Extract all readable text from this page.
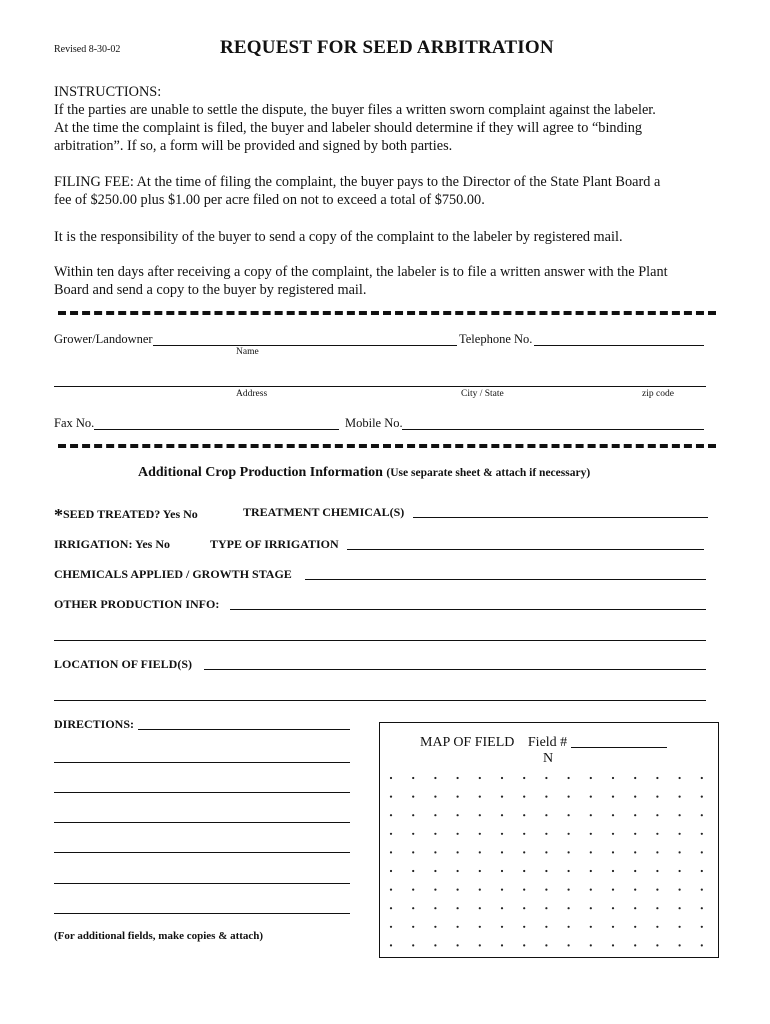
Revised 8-30-02	REQUEST FOR SEED ARBITRATION
INSTRUCTIONS:
If the parties are unable to settle the dispute, the buyer files a written sworn complaint against the labeler.
At the time the complaint is filed, the buyer and labeler should determine if they will agree to “binding
arbitration”. If so, a form will be provided and signed by both parties.
FILING FEE: At the time of filing the complaint, the buyer pays to the Director of the State Plant Board a
fee of $250.00 plus $1.00 per acre filed on not to exceed a total of $750.00.
It is the responsibility of the buyer to send a copy of the complaint to the labeler by registered mail.
Within ten days after receiving a copy of the complaint, the labeler is to file a written answer with the Plant
Board and send a copy to the buyer by registered mail.
Grower/Landowner	Telephone No.
Name
Address	City / State	zip code
Fax No.	Mobile No.
Additional Crop Production Information (Use separate sheet & attach if necessary)
*SEED TREATED? Yes No	TREATMENT CHEMICAL(S)
IRRIGATION: Yes No	TYPE OF IRRIGATION
CHEMICALS APPLIED / GROWTH STAGE
OTHER PRODUCTION INFO:
LOCATION OF FIELD(S)
DIRECTIONS:
(For additional fields, make copies & attach)
MAP OF FIELD Field #
N
